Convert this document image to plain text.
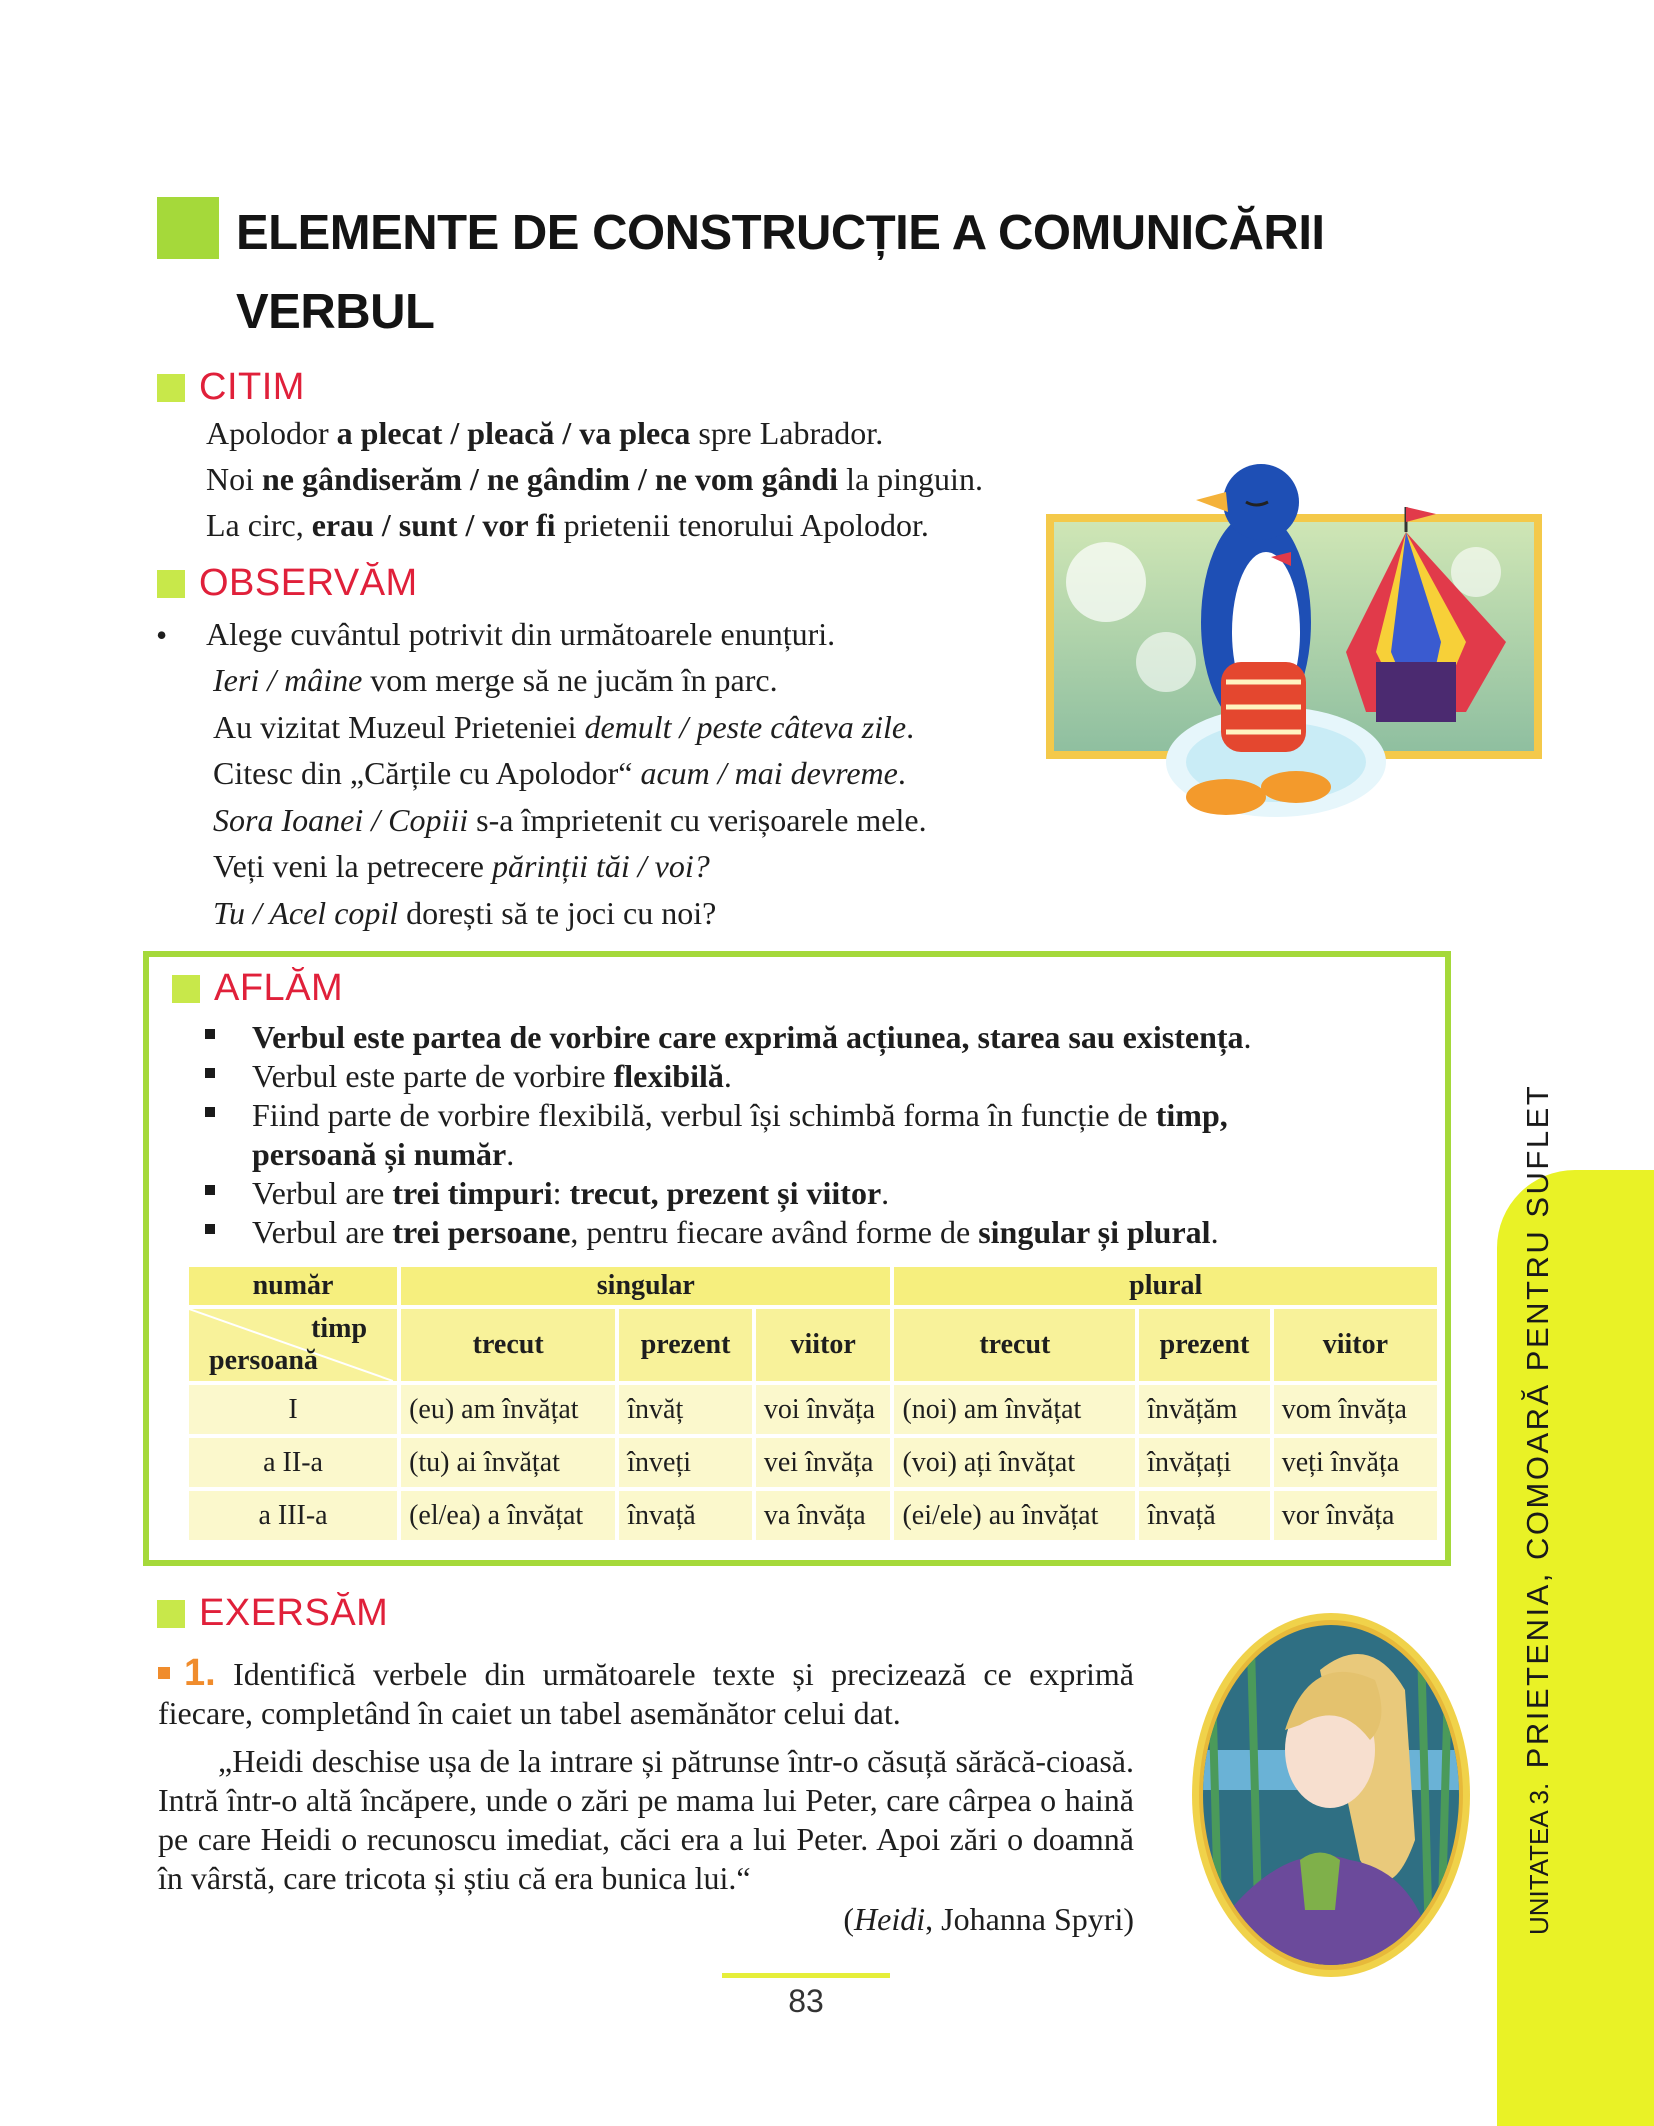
ELEMENTE DE CONSTRUCȚIE A COMUNICĂRII
VERBUL
CITIM
Apolodor a plecat / pleacă / va pleca spre Labrador.
Noi ne gândiserăm / ne gândim / ne vom gândi la pinguin.
La circ, erau / sunt / vor fi prietenii tenorului Apolodor.
OBSERVĂM
• Alege cuvântul potrivit din următoarele enunțuri.
Ieri / mâine vom merge să ne jucăm în parc.
Au vizitat Muzeul Prieteniei demult / peste câteva zile.
Citesc din „Cărțile cu Apolodor“ acum / mai devreme.
Sora Ioanei / Copiii s-a împrietenit cu verișoarele mele.
Veți veni la petrecere părinții tăi / voi?
Tu / Acel copil dorești să te joci cu noi?
AFLĂM
Verbul este partea de vorbire care exprimă acțiunea, starea sau existența.
Verbul este parte de vorbire flexibilă.
Fiind parte de vorbire flexibilă, verbul își schimbă forma în funcție de timp,
persoană și număr.
Verbul are trei timpuri: trecut, prezent și viitor.
Verbul are trei persoane, pentru fiecare având forme de singular și plural.
număr	singular			plural		

timp
persoană	trecut	prezent	viitor	trecut	prezent	viitor
I	(eu) am învățat	învăț	voi învăța	(noi) am învățat	învățăm	vom învăța
a II-a	(tu) ai învățat	înveți	vei învăța	(voi) ați învățat	învățați	veți învăța
a III-a	(el/ea) a învățat	învață	va învăța	(ei/ele) au învățat	învață	vor învăța
EXERSĂM
1. Identifică verbele din următoarele texte și precizează ce exprimă fiecare, completând în caiet un tabel asemănător celui dat.
„Heidi deschise ușa de la intrare și pătrunse într-o căsuță sărăcă-cioasă. Intră într-o altă încăpere, unde o zări pe mama lui Peter, care cârpea o haină pe care Heidi o recunoscu imediat, căci era a lui Peter. Apoi zări o doamnă în vârstă, care tricota și știu că era bunica lui.“
(Heidi, Johanna Spyri)
83
UNITATEA 3.  PRIETENIA, COMOARĂ PENTRU SUFLET
